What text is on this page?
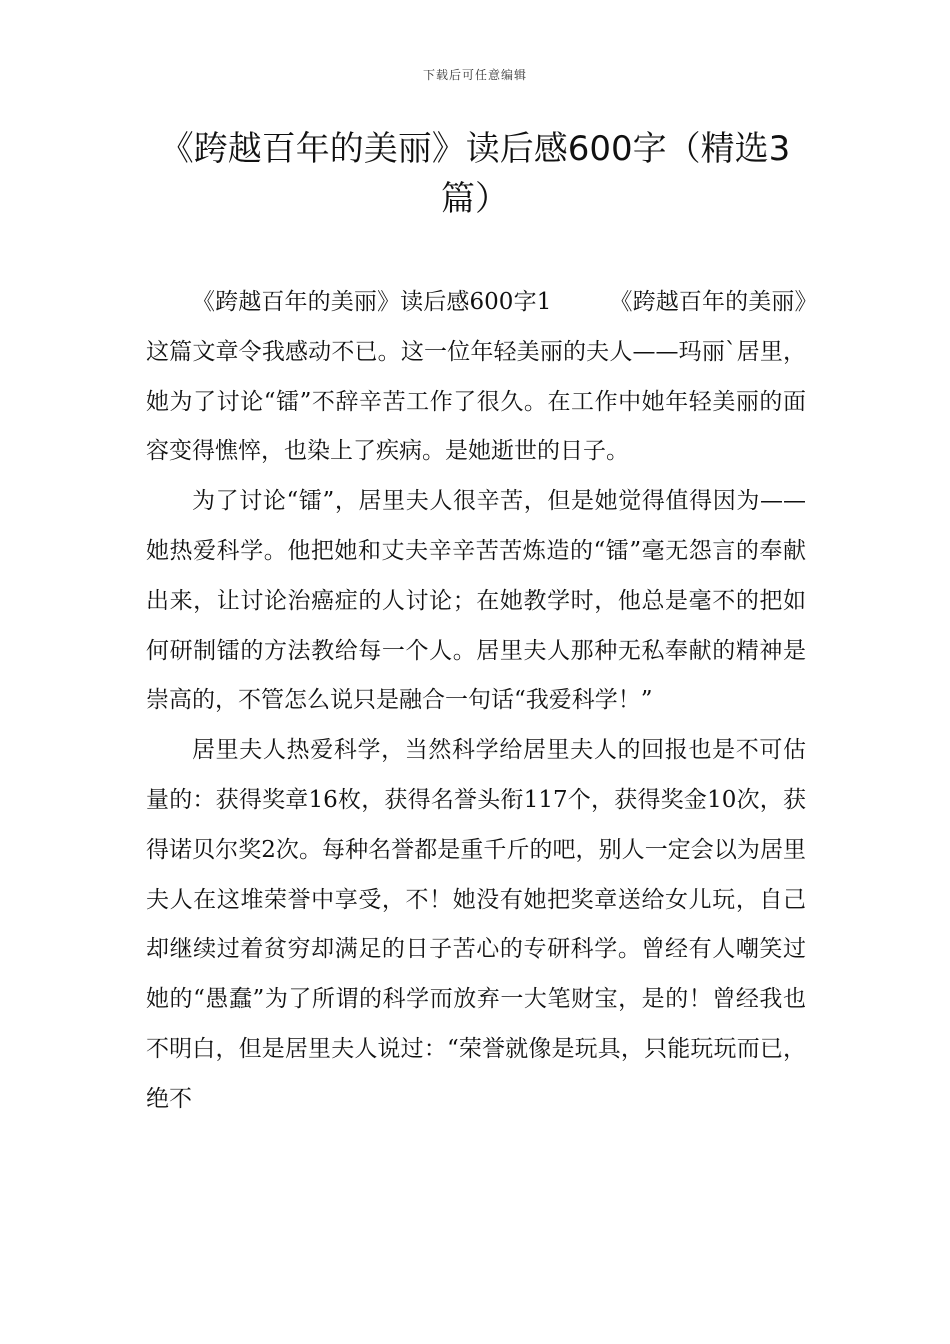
下载后可任意编辑
《跨越百年的美丽》读后感600字（精选3篇）

《跨越百年的美丽》读后感600字1	《跨越百年的美丽》这篇文章令我感动不已。这一位年轻美丽的夫人——玛丽`居里，她为了讨论“镭”不辞辛苦工作了很久。在工作中她年轻美丽的面容变得憔悴，也染上了疾病。是她逝世的日子。

为了讨论“镭”，居里夫人很辛苦，但是她觉得值得因为——她热爱科学。他把她和丈夫辛辛苦苦炼造的“镭”毫无怨言的奉献出来，让讨论治癌症的人讨论；在她教学时，他总是毫不的把如何研制镭的方法教给每一个人。居里夫人那种无私奉献的精神是崇高的，不管怎么说只是融合一句话“我爱科学！”

居里夫人热爱科学，当然科学给居里夫人的回报也是不可估量的：获得奖章16枚，获得名誉头衔117个，获得奖金10次，获得诺贝尔奖2次。每种名誉都是重千斤的吧，别人一定会以为居里夫人在这堆荣誉中享受，不！她没有她把奖章送给女儿玩，自己却继续过着贫穷却满足的日子苦心的专研科学。曾经有人嘲笑过她的“愚蠢”为了所谓的科学而放弃一大笔财宝，是的！曾经我也不明白，但是居里夫人说过：“荣誉就像是玩具，只能玩玩而已，绝不
